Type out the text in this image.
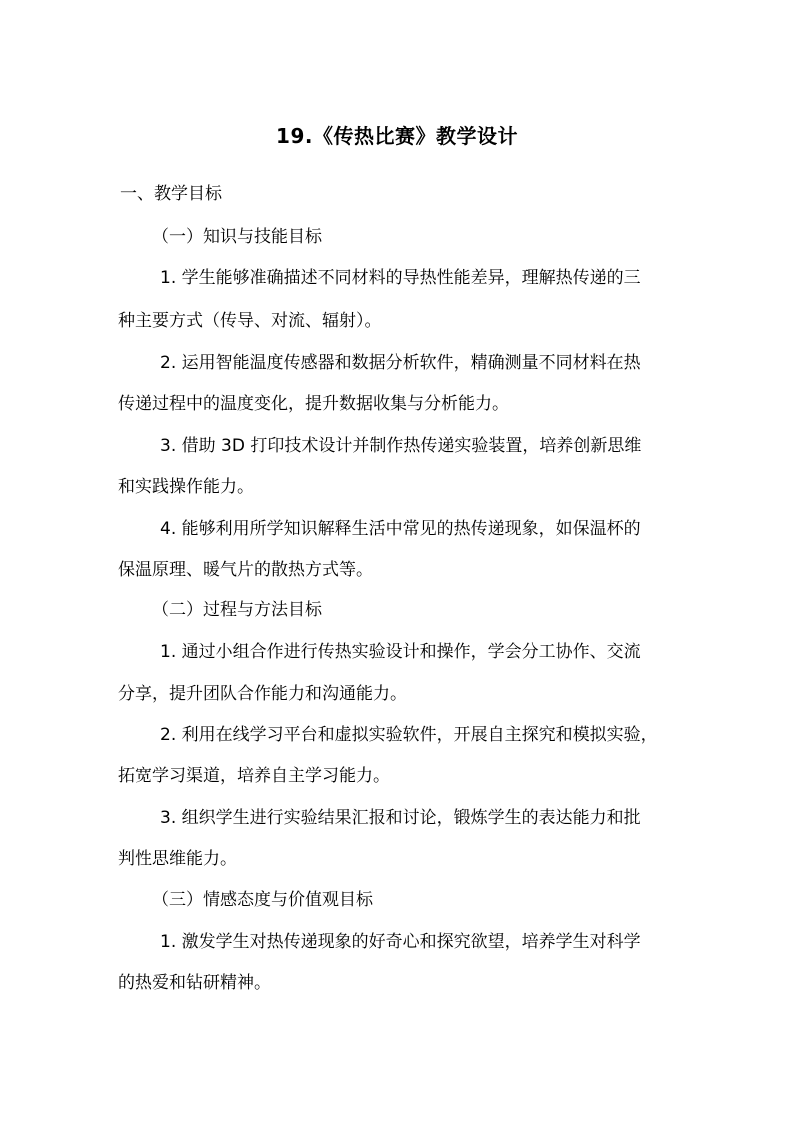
19.《传热比赛》教学设计
一、教学目标
（一）知识与技能目标
1. 学生能够准确描述不同材料的导热性能差异，理解热传递的三
种主要方式（传导、对流、辐射）。
2. 运用智能温度传感器和数据分析软件，精确测量不同材料在热
传递过程中的温度变化，提升数据收集与分析能力。
3. 借助 3D 打印技术设计并制作热传递实验装置，培养创新思维
和实践操作能力。
4. 能够利用所学知识解释生活中常见的热传递现象，如保温杯的
保温原理、暖气片的散热方式等。
（二）过程与方法目标
1. 通过小组合作进行传热实验设计和操作，学会分工协作、交流
分享，提升团队合作能力和沟通能力。
2. 利用在线学习平台和虚拟实验软件，开展自主探究和模拟实验，
拓宽学习渠道，培养自主学习能力。
3. 组织学生进行实验结果汇报和讨论，锻炼学生的表达能力和批
判性思维能力。
（三）情感态度与价值观目标
1. 激发学生对热传递现象的好奇心和探究欲望，培养学生对科学
的热爱和钻研精神。
